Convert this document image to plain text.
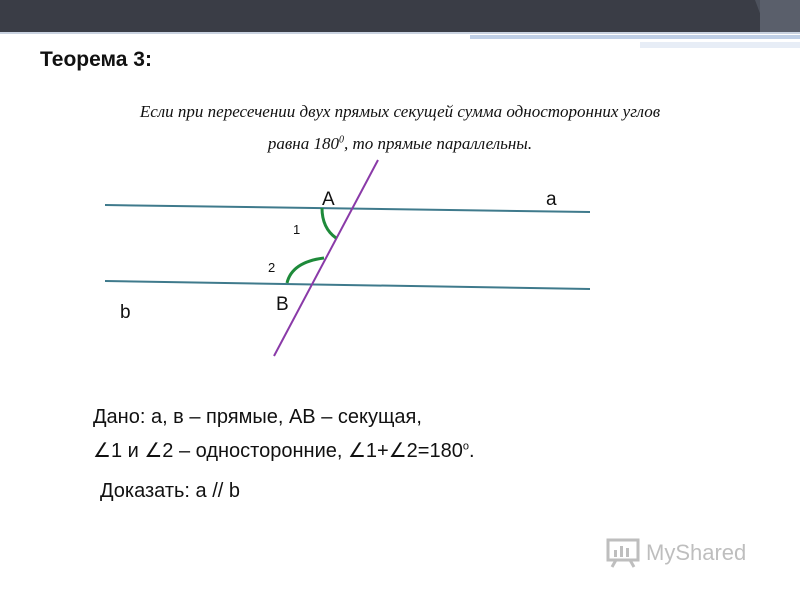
Теорема 3:
Если при пересечении двух прямых секущей сумма односторонних углов
равна $180^0$, то прямые параллельны.
A	a
1
2
B
b
Дано: а, в – прямые, АВ – секущая,
∠1 и ∠2 – односторонние, $\angle 1+\angle 2=180^о$.
Доказать: а // b
MyShared
